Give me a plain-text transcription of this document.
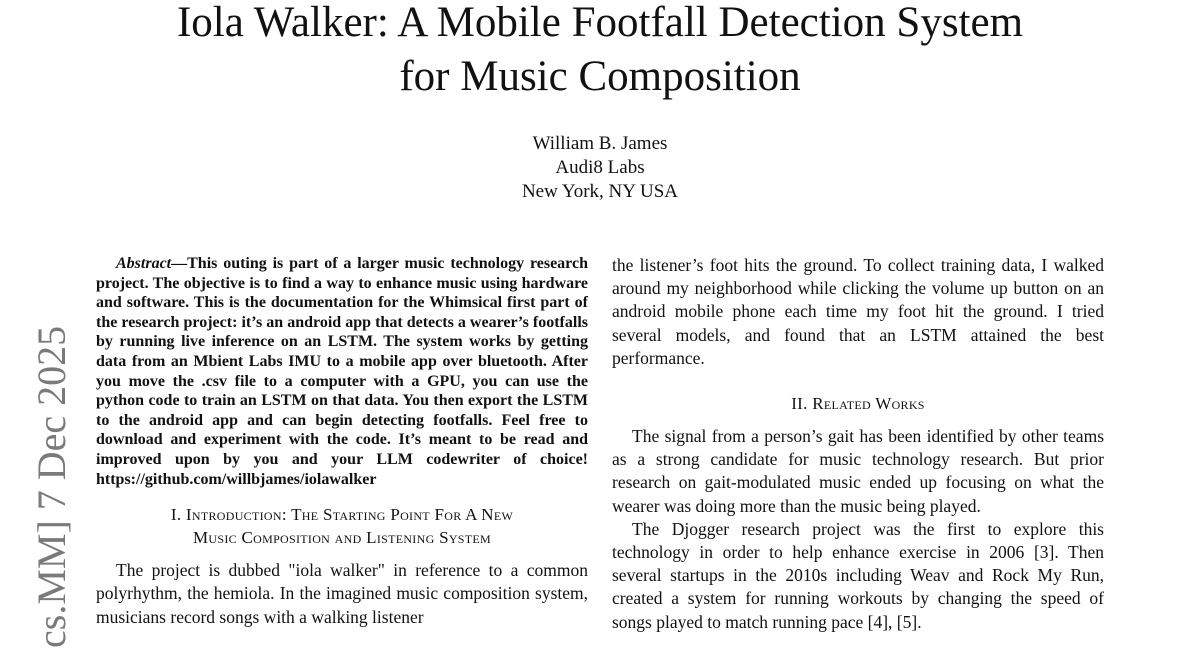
Iola Walker: A Mobile Footfall Detection System
for Music Composition
William B. James
Audi8 Labs
New York, NY USA
cs.MM] 7 Dec 2025

Abstract—This outing is part of a larger music technology research project. The objective is to find a way to enhance music using hardware and software. This is the documentation for the Whimsical first part of the research project: it’s an android app that detects a wearer’s footfalls by running live inference on an LSTM. The system works by getting data from an Mbient Labs IMU to a mobile app over bluetooth. After you move the .csv file to a computer with a GPU, you can use the python code to train an LSTM on that data. You then export the LSTM to the android app and can begin detecting footfalls. Feel free to download and experiment with the code. It’s meant to be read and improved upon by you and your LLM codewriter of choice! https://github.com/willbjames/iolawalker

I. Introduction: The Starting Point For A New
Music Composition and Listening System

The project is dubbed "iola walker" in reference to a common polyrhythm, the hemiola. In the imagined music composition system, musicians record songs with a walking listener

the listener’s foot hits the ground. To collect training data, I walked around my neighborhood while clicking the volume up button on an android mobile phone each time my foot hit the ground. I tried several models, and found that an LSTM attained the best performance.

II. Related Works

The signal from a person’s gait has been identified by other teams as a strong candidate for music technology research. But prior research on gait-modulated music ended up focusing on what the wearer was doing more than the music being played.

The Djogger research project was the first to explore this technology in order to help enhance exercise in 2006 [3]. Then several startups in the 2010s including Weav and Rock My Run, created a system for running workouts by changing the speed of songs played to match running pace [4], [5].
